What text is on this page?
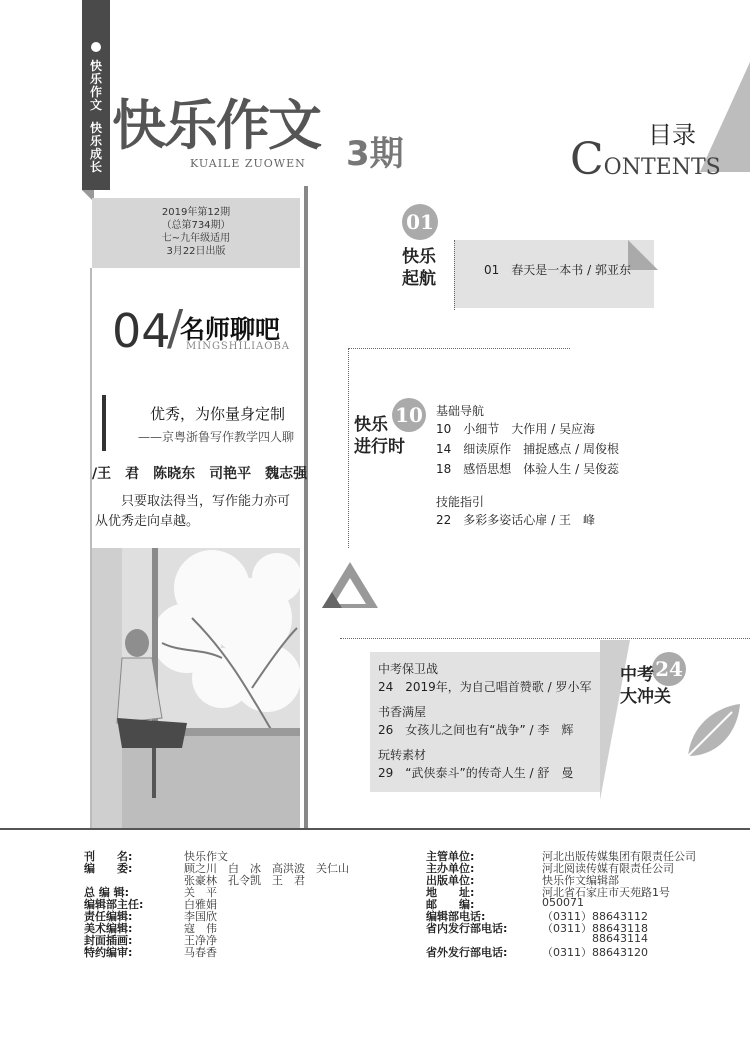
快乐作文
快乐成长
快乐作文
KUAILE ZUOWEN 3期	目录
CONTENTS
2019年第12期
（总第734期）
七~九年级适用
3月22日出版
04
/
名师聊吧
MINGSHILIAOBA
优秀，为你量身定制
——京粤浙鲁写作教学四人聊
/王　君　陈晓东　司艳平　魏志强
只要取法得当，写作能力亦可从优秀走向卓越。
01
快乐
起航	01　春天是一本书 / 郭亚东
10
快乐
进行时
基础导航
10　小细节　大作用 / 吴应海
14　细读原作　捕捉感点 / 周俊根
18　感悟思想　体验人生 / 吴俊蕊
技能指引
22　多彩多姿话心扉 / 王　峰
中考保卫战
24　2019年，为自己唱首赞歌 / 罗小军
书香满屋
26　女孩儿之间也有“战争” / 李　辉
玩转素材
29　“武侠泰斗”的传奇人生 / 舒　曼
24
中考
大冲关
刊　　名:	快乐作文
编　　委:	顾之川　白　冰　高洪波　关仁山
张豪林　孔令凯　王　君
总 编 辑:	关　平
编辑部主任:	白雅娟
责任编辑:	李国欣
美术编辑:	寇　伟
封面插画:	王净净
特约编审:	马春香
主管单位:	河北出版传媒集团有限责任公司
主办单位:	河北阅读传媒有限责任公司
出版单位:	快乐作文编辑部
地　　址:	河北省石家庄市天苑路1号
邮　　编:	050071
编辑部电话:	（0311）88643112
省内发行部电话:	（0311）88643118
88643114
省外发行部电话:	（0311）88643120
